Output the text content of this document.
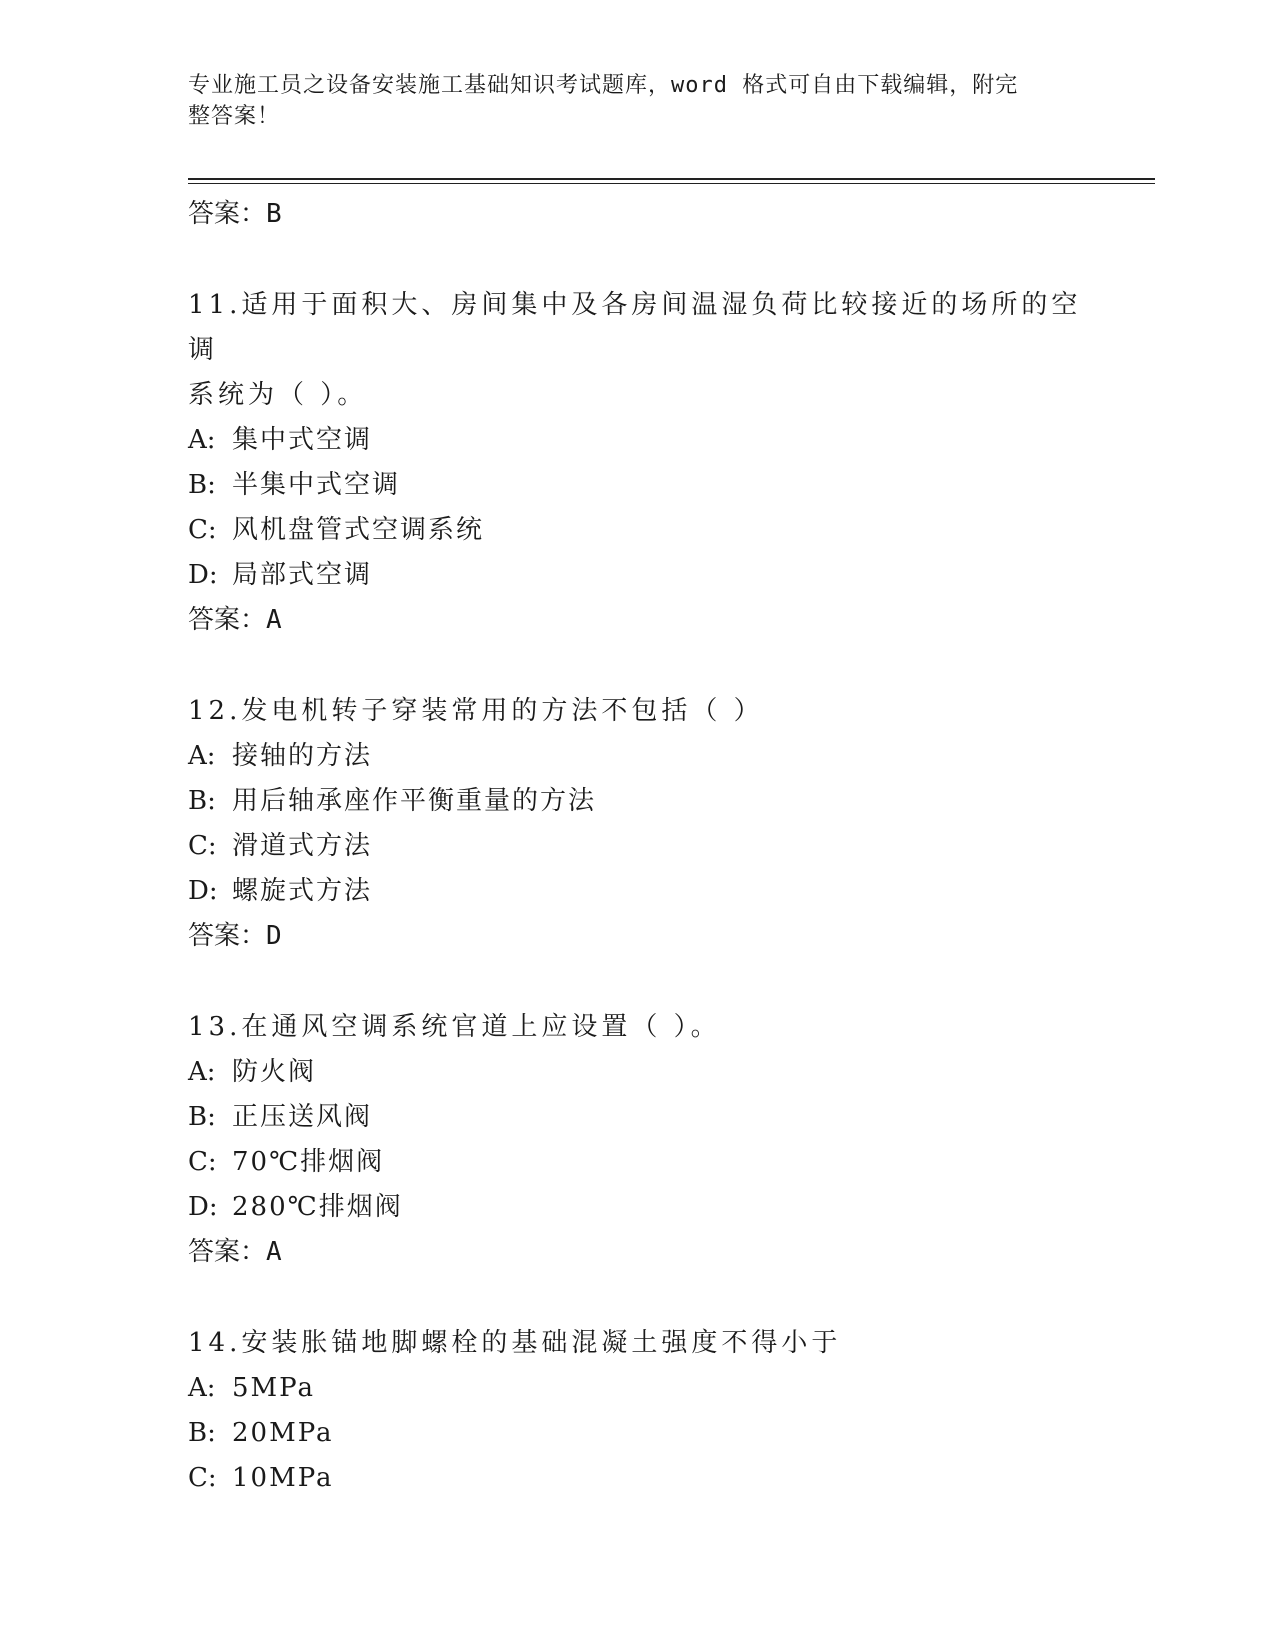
专业施工员之设备安装施工基础知识考试题库，word 格式可自由下载编辑，附完
整答案！
答案：B
11.适用于面积大、房间集中及各房间温湿负荷比较接近的场所的空调
系统为（ ）。
A: 集中式空调
B: 半集中式空调
C: 风机盘管式空调系统
D: 局部式空调
答案：A
12.发电机转子穿装常用的方法不包括（ ）
A: 接轴的方法
B: 用后轴承座作平衡重量的方法
C: 滑道式方法
D: 螺旋式方法
答案：D
13.在通风空调系统官道上应设置（ ）。
A: 防火阀
B: 正压送风阀
C: 70℃排烟阀
D: 280℃排烟阀
答案：A
14.安装胀锚地脚螺栓的基础混凝土强度不得小于
A: 5MPa
B: 20MPa
C: 10MPa
